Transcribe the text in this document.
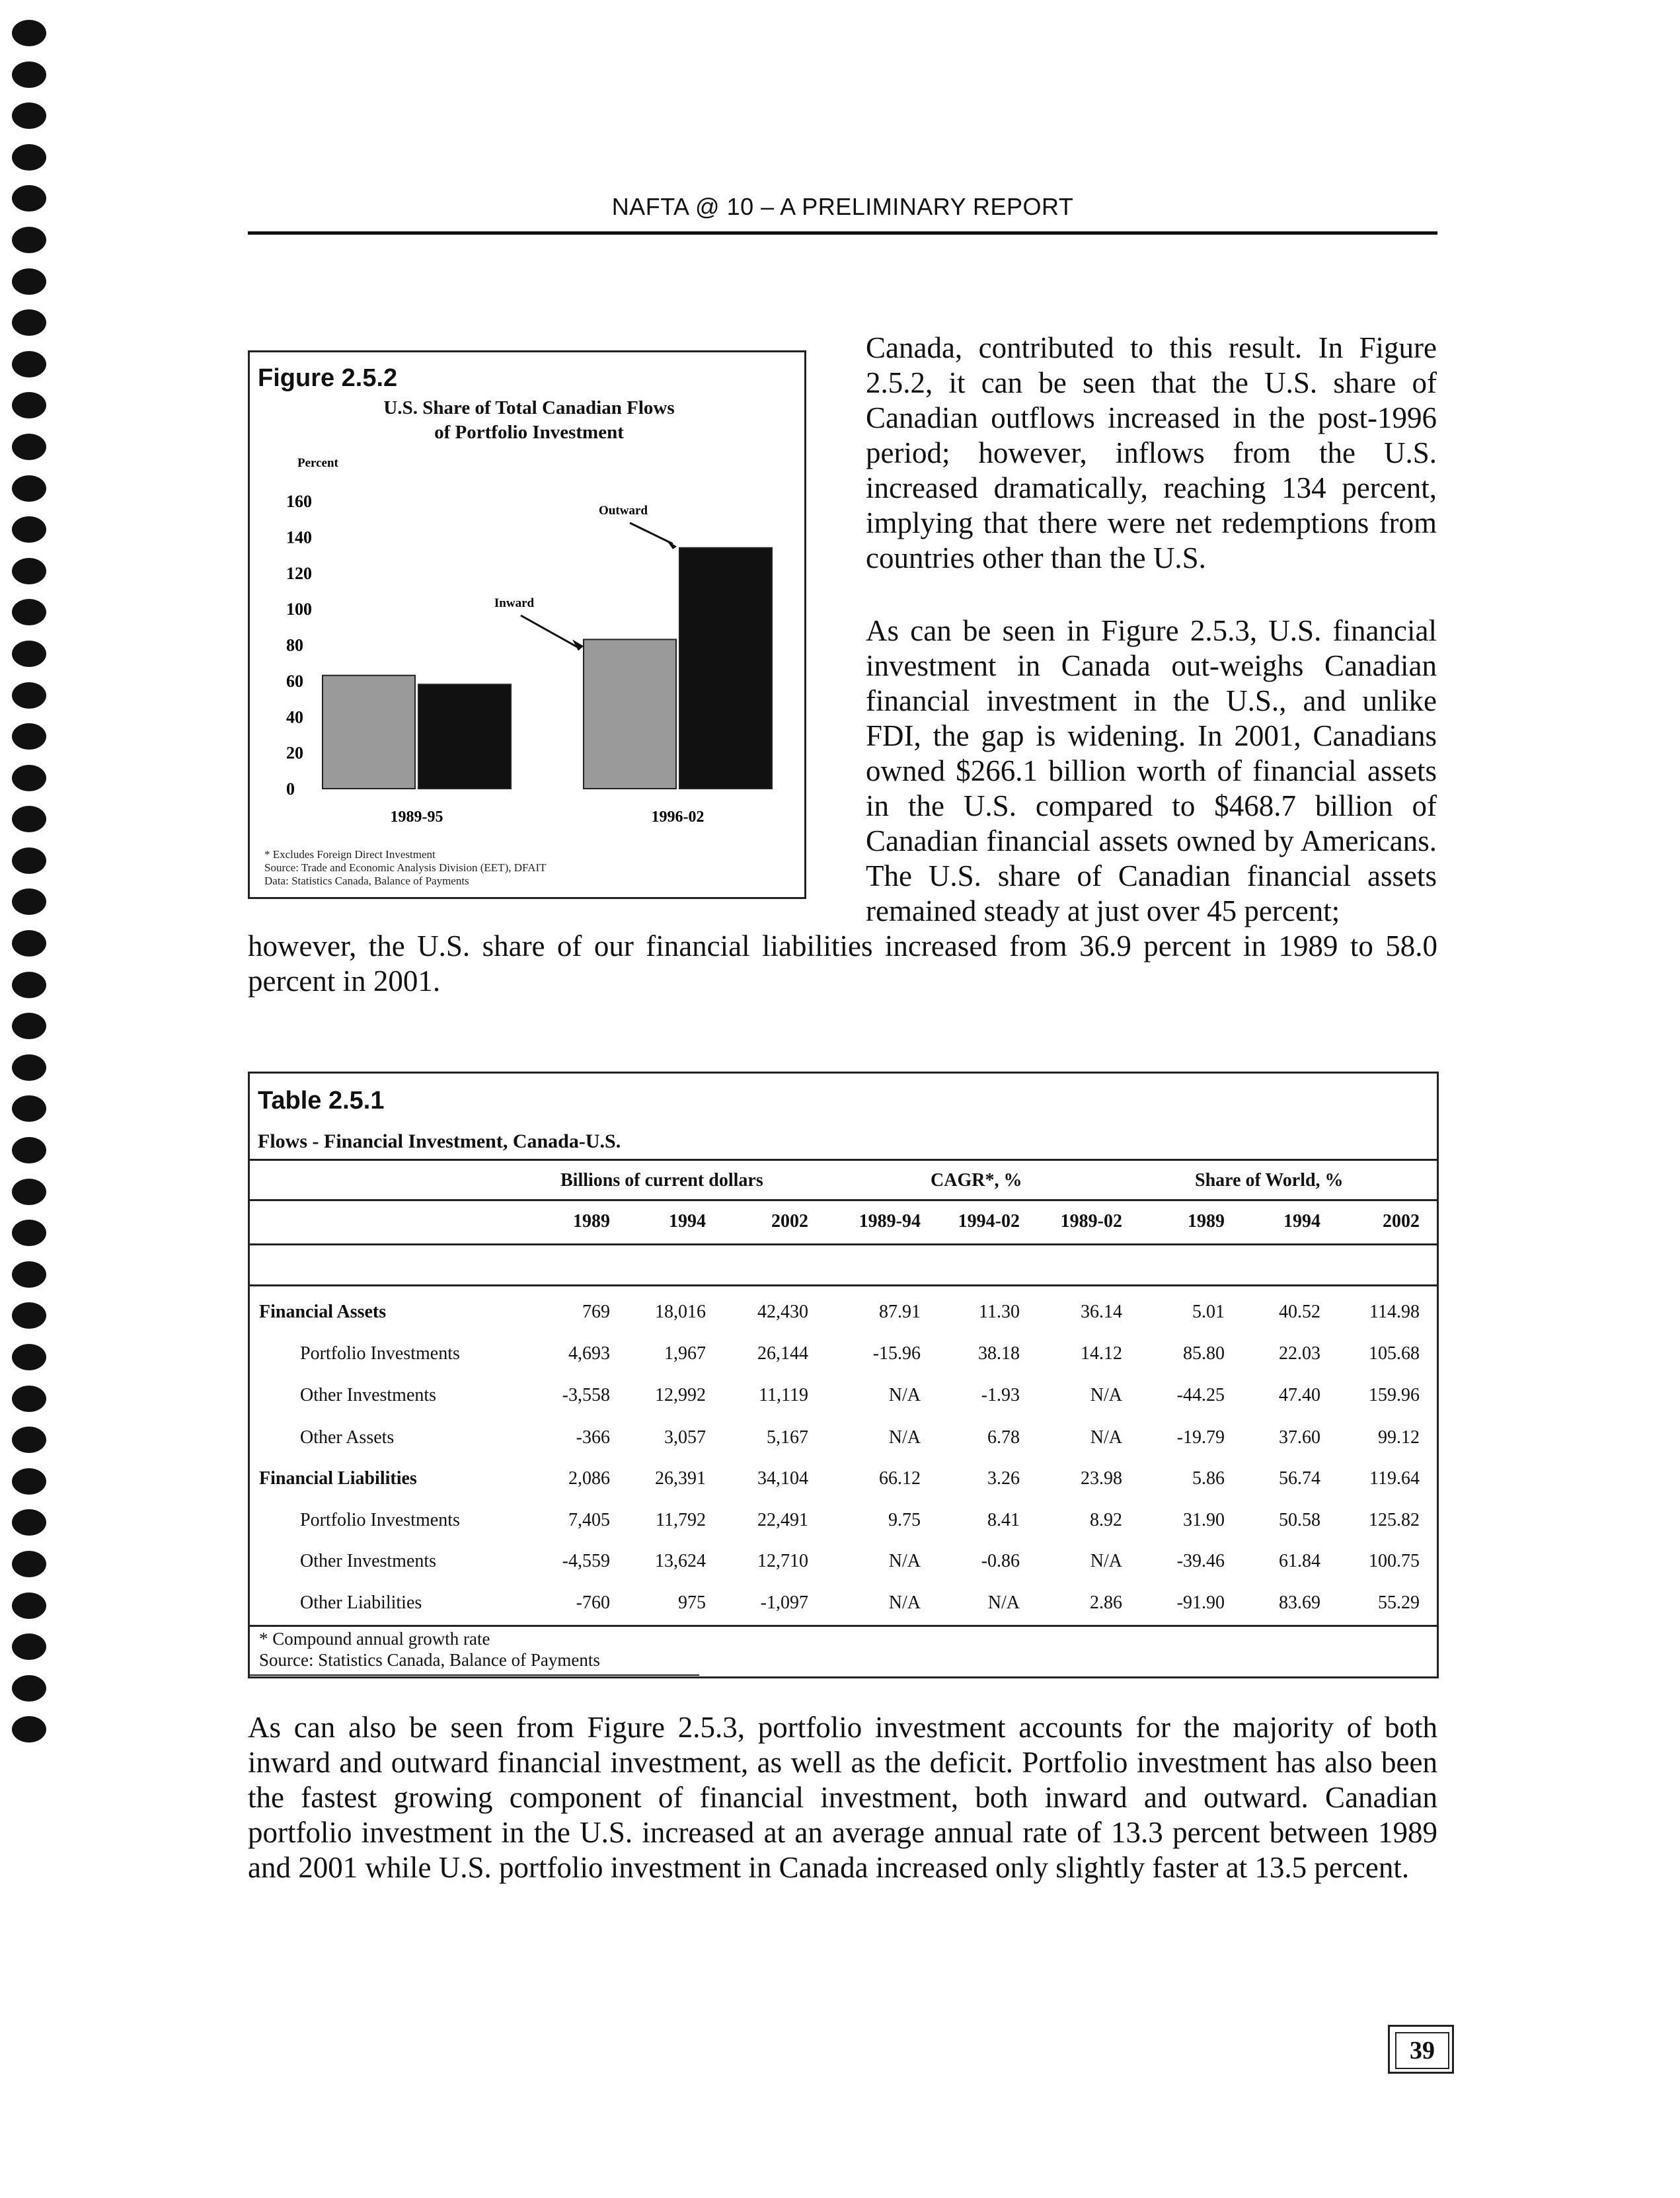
NAFTA @ 10 – A PRELIMINARY REPORT
Canada, contributed to this result. In Figure 2.5.2, it can be seen that the U.S. share of Canadian outflows increased in the post-1996 period; however, inflows from the U.S. increased dramatically, reaching 134 percent, implying that there were net redemptions from countries other than the U.S.
As can be seen in Figure 2.5.3, U.S. financial investment in Canada out-weighs Canadian financial investment in the U.S., and unlike FDI, the gap is widening. In 2001, Canadians owned $266.1 billion worth of financial assets in the U.S. compared to $468.7 billion of Canadian financial assets owned by Americans. The U.S. share of Canadian financial assets remained steady at just over 45 percent;
however, the U.S. share of our financial liabilities increased from 36.9 percent in 1989 to 58.0 percent in 2001.
Figure 2.5.2
U.S. Share of Total Canadian Flows
of Portfolio Investment
Percent
0
20
40
60
80
100
120
140
160
1989-95	1996-02
Inward
Outward
* Excludes Foreign Direct Investment
Source: Trade and Economic Analysis Division (EET), DFAIT
Data: Statistics Canada, Balance of Payments
Table 2.5.1
Flows - Financial Investment, Canada-U.S.
Billions of current dollars	CAGR*, %	Share of World, %
1989	1994	2002	1989-94	1994-02	1989-02	1989	1994	2002
Financial Assets	769	18,016	42,430	87.91	11.30	36.14	5.01	40.52	114.98
Portfolio Investments	4,693	1,967	26,144	-15.96	38.18	14.12	85.80	22.03	105.68
Other Investments	-3,558	12,992	11,119	N/A	-1.93	N/A	-44.25	47.40	159.96
Other Assets	-366	3,057	5,167	N/A	6.78	N/A	-19.79	37.60	99.12
Financial Liabilities	2,086	26,391	34,104	66.12	3.26	23.98	5.86	56.74	119.64
Portfolio Investments	7,405	11,792	22,491	9.75	8.41	8.92	31.90	50.58	125.82
Other Investments	-4,559	13,624	12,710	N/A	-0.86	N/A	-39.46	61.84	100.75
Other Liabilities	-760	975	-1,097	N/A	N/A	2.86	-91.90	83.69	55.29
* Compound annual growth rate
Source: Statistics Canada, Balance of Payments
As can also be seen from Figure 2.5.3, portfolio investment accounts for the majority of both inward and outward financial investment, as well as the deficit. Portfolio investment has also been the fastest growing component of financial investment, both inward and outward. Canadian portfolio investment in the U.S. increased at an average annual rate of 13.3 percent between 1989 and 2001 while U.S. portfolio investment in Canada increased only slightly faster at 13.5 percent.
39
